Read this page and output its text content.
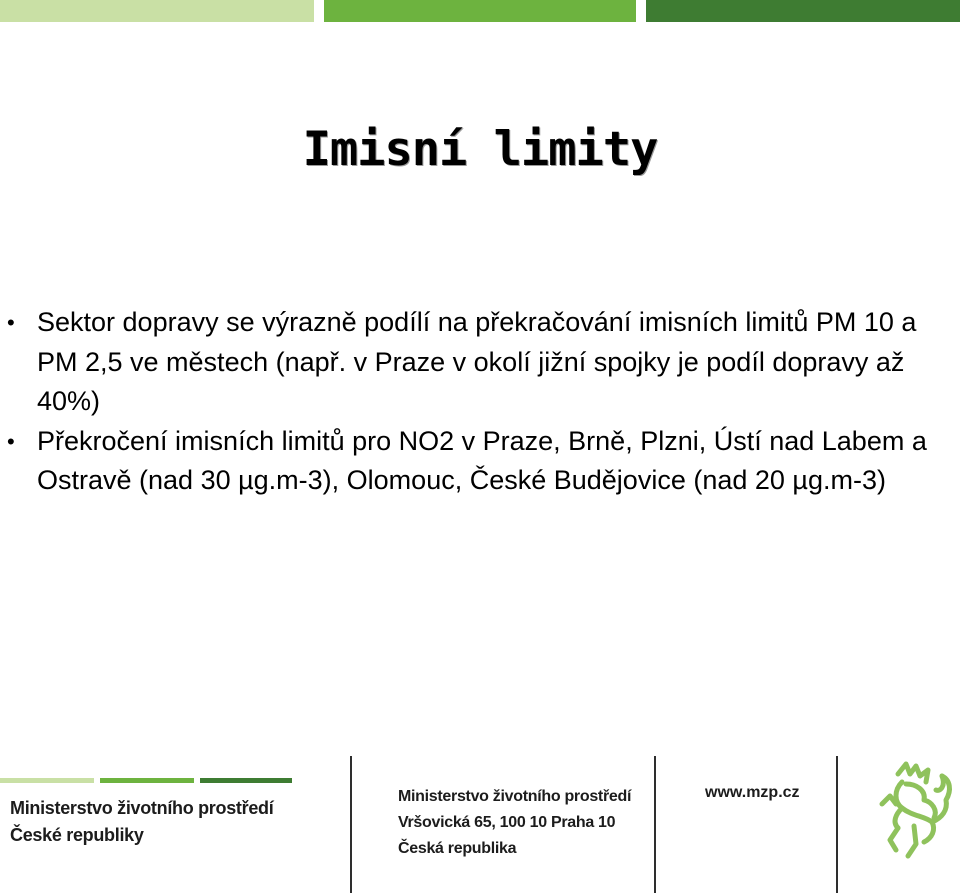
Imisní limity
• Sektor dopravy se výrazně podílí na překračování imisních limitů PM 10 a PM 2,5 ve městech (např. v Praze v okolí jižní spojky je podíl dopravy až 40%)
• Překročení imisních limitů pro NO2 v Praze, Brně, Plzni, Ústí nad Labem a Ostravě (nad 30 µg.m-3), Olomouc, České Budějovice (nad 20 µg.m-3)
Ministerstvo životního prostředí
České republiky
Ministerstvo životního prostředí
Vršovická 65, 100 10 Praha 10
Česká republika
www.mzp.cz
